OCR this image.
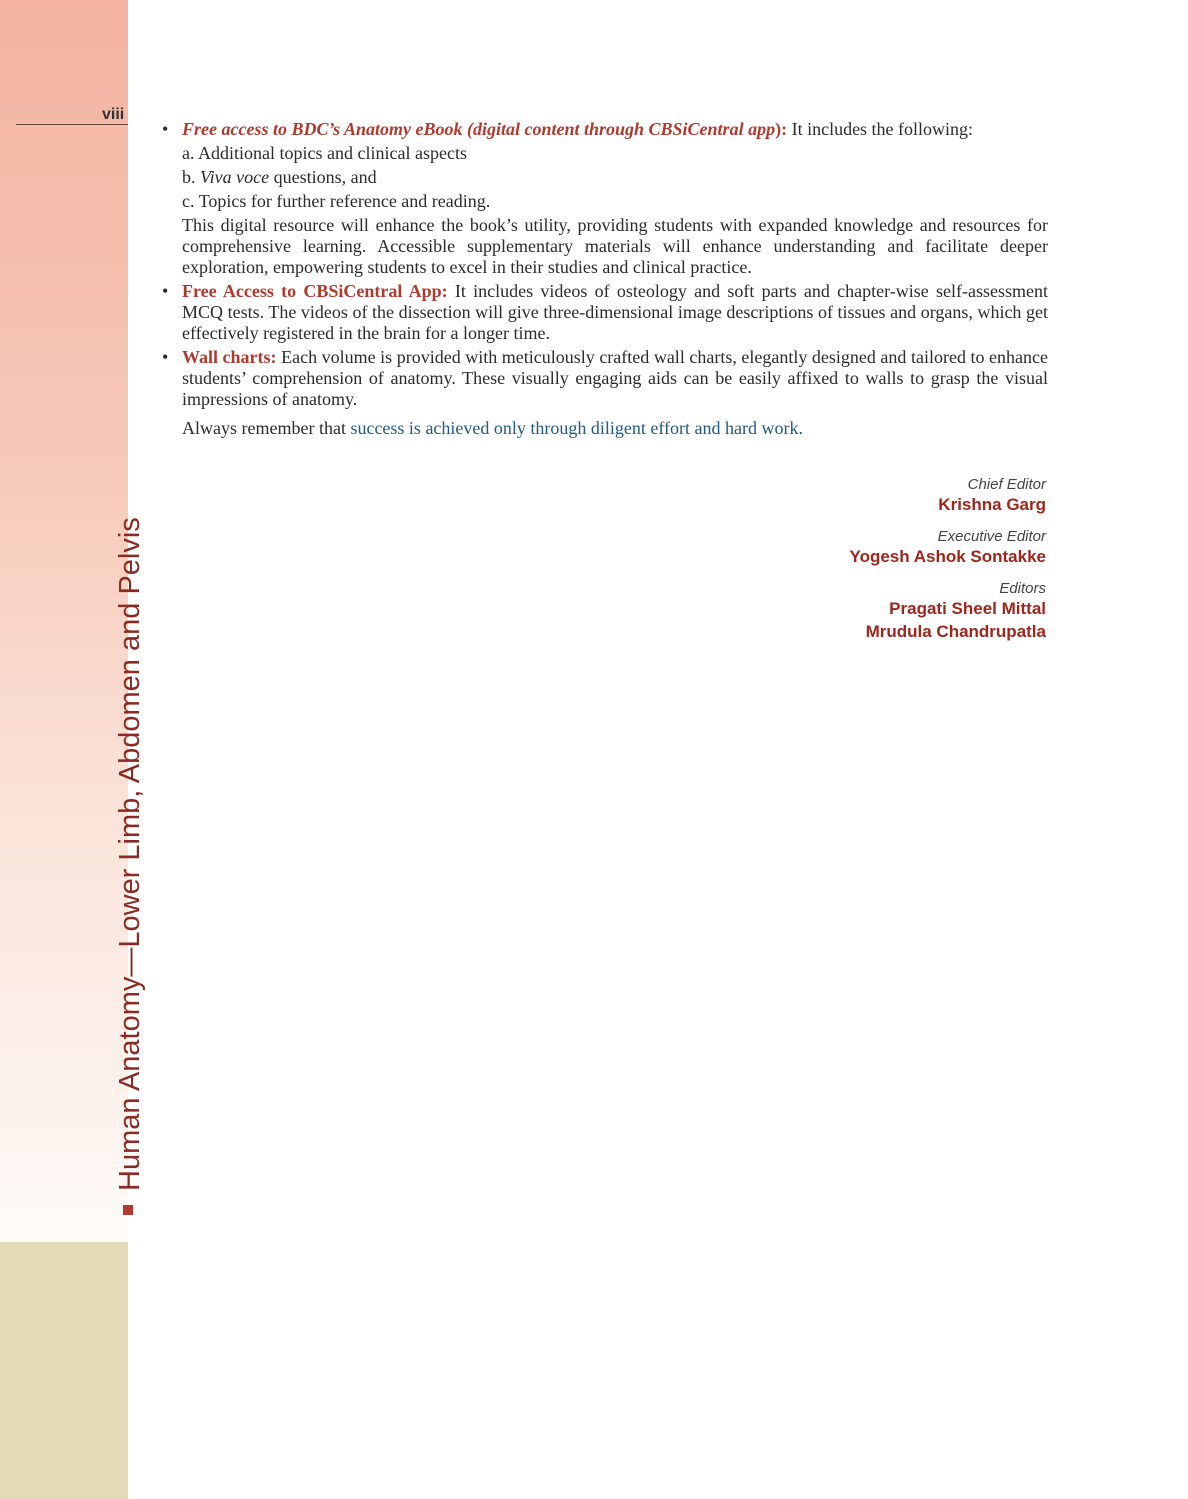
viii
Human Anatomy—Lower Limb, Abdomen and Pelvis
• Free access to BDC’s Anatomy eBook (digital content through CBSiCentral app): It includes the following:
a. Additional topics and clinical aspects
b. Viva voce questions, and
c. Topics for further reference and reading.
This digital resource will enhance the book’s utility, providing students with expanded knowledge and resources for comprehensive learning. Accessible supplementary materials will enhance understanding and facilitate deeper exploration, empowering students to excel in their studies and clinical practice.
• Free Access to CBSiCentral App: It includes videos of osteology and soft parts and chapter-wise self-assessment MCQ tests. The videos of the dissection will give three-dimensional image descriptions of tissues and organs, which get effectively registered in the brain for a longer time.
• Wall charts: Each volume is provided with meticulously crafted wall charts, elegantly designed and tailored to enhance students’ comprehension of anatomy. These visually engaging aids can be easily affixed to walls to grasp the visual impressions of anatomy.
Always remember that success is achieved only through diligent effort and hard work.
Chief Editor
Krishna Garg
Executive Editor
Yogesh Ashok Sontakke
Editors
Pragati Sheel Mittal
Mrudula Chandrupatla
